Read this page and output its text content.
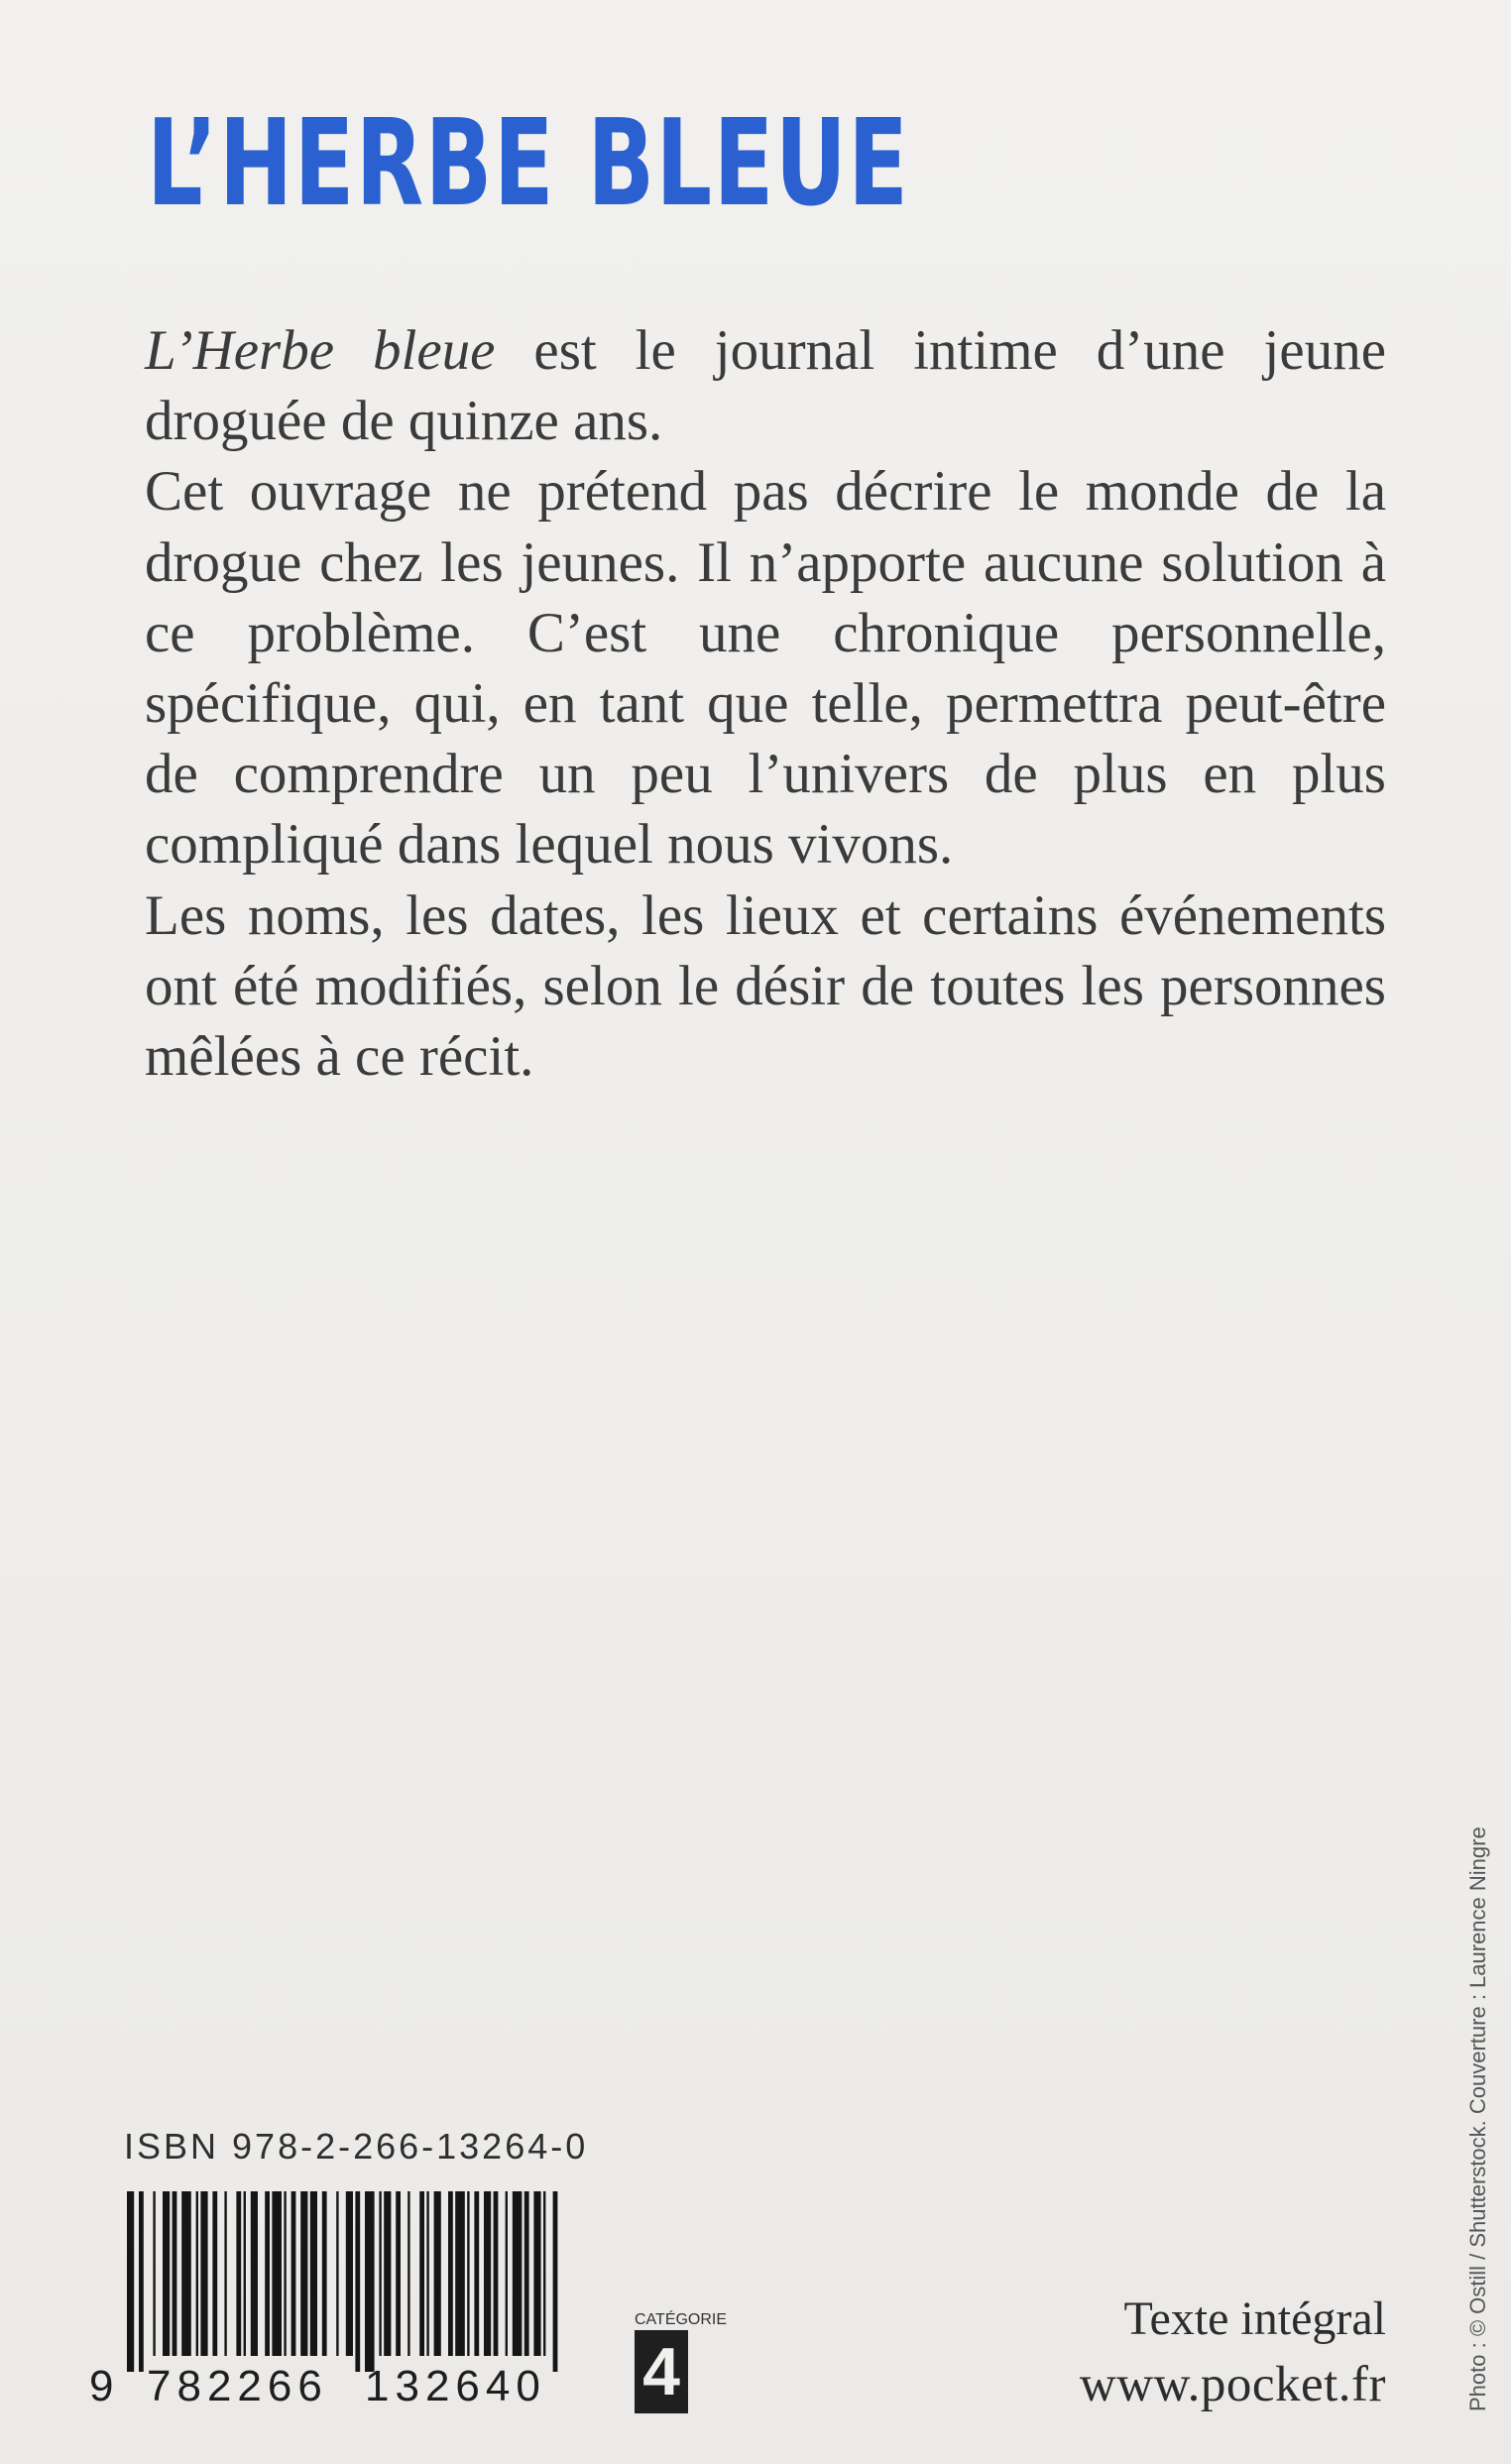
L’HERBE BLEUE

L’Herbe bleue est le journal intime d’une jeune droguée de quinze ans.

Cet ouvrage ne prétend pas décrire le monde de la drogue chez les jeunes. Il n’apporte aucune solution à ce problème. C’est une chronique personnelle, spécifique, qui, en tant que telle, permettra peut-être de comprendre un peu l’univers de plus en plus compliqué dans lequel nous vivons.

Les noms, les dates, les lieux et certains événements ont été modifiés, selon le désir de toutes les personnes mêlées à ce récit.

ISBN 978-2-266-13264-0
9 782266 132640
CATÉGORIE
4
Texte intégral
www.pocket.fr	Photo : © Ostill / Shutterstock. Couverture : Laurence Ningre
